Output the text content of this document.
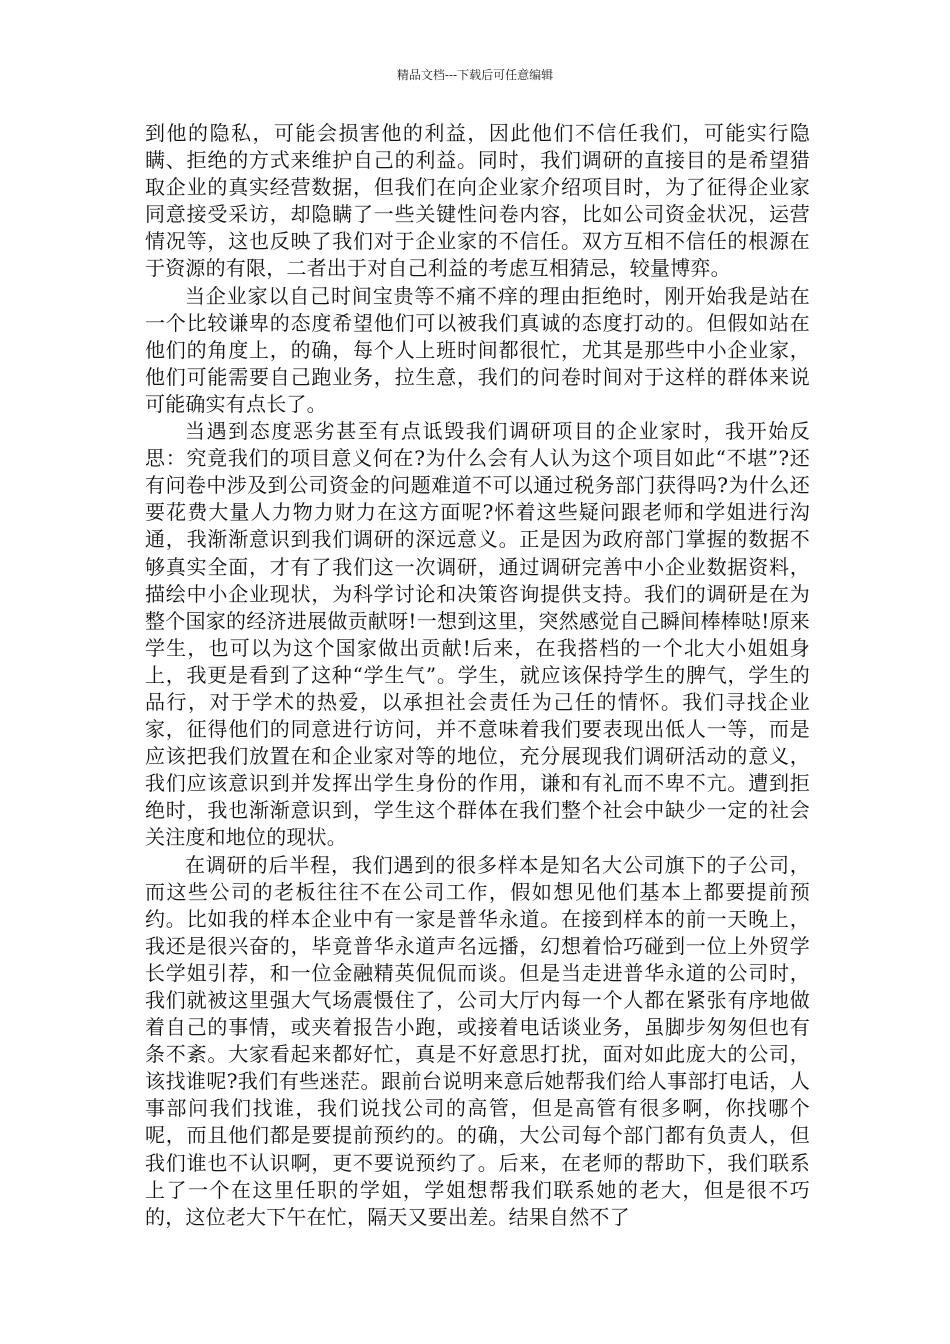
精品文档---下载后可任意编辑

到他的隐私，可能会损害他的利益，因此他们不信任我们，可能实行隐瞒、拒绝的方式来维护自己的利益。同时，我们调研的直接目的是希望猎取企业的真实经营数据，但我们在向企业家介绍项目时，为了征得企业家同意接受采访，却隐瞒了一些关键性问卷内容，比如公司资金状况，运营情况等，这也反映了我们对于企业家的不信任。双方互相不信任的根源在于资源的有限，二者出于对自己利益的考虑互相猜忌，较量博弈。

当企业家以自己时间宝贵等不痛不痒的理由拒绝时，刚开始我是站在一个比较谦卑的态度希望他们可以被我们真诚的态度打动的。但假如站在他们的角度上，的确，每个人上班时间都很忙，尤其是那些中小企业家，他们可能需要自己跑业务，拉生意，我们的问卷时间对于这样的群体来说可能确实有点长了。

当遇到态度恶劣甚至有点诋毁我们调研项目的企业家时，我开始反思：究竟我们的项目意义何在?为什么会有人认为这个项目如此“不堪”?还有问卷中涉及到公司资金的问题难道不可以通过税务部门获得吗?为什么还要花费大量人力物力财力在这方面呢?怀着这些疑问跟老师和学姐进行沟通，我渐渐意识到我们调研的深远意义。正是因为政府部门掌握的数据不够真实全面，才有了我们这一次调研，通过调研完善中小企业数据资料，描绘中小企业现状，为科学讨论和决策咨询提供支持。我们的调研是在为整个国家的经济进展做贡献呀!一想到这里，突然感觉自己瞬间棒棒哒!原来学生，也可以为这个国家做出贡献!后来，在我搭档的一个北大小姐姐身上，我更是看到了这种“学生气”。学生，就应该保持学生的脾气，学生的品行，对于学术的热爱，以承担社会责任为己任的情怀。我们寻找企业家，征得他们的同意进行访问，并不意味着我们要表现出低人一等，而是应该把我们放置在和企业家对等的地位，充分展现我们调研活动的意义，我们应该意识到并发挥出学生身份的作用，谦和有礼而不卑不亢。遭到拒绝时，我也渐渐意识到，学生这个群体在我们整个社会中缺少一定的社会关注度和地位的现状。

在调研的后半程，我们遇到的很多样本是知名大公司旗下的子公司，而这些公司的老板往往不在公司工作，假如想见他们基本上都要提前预约。比如我的样本企业中有一家是普华永道。在接到样本的前一天晚上，我还是很兴奋的，毕竟普华永道声名远播，幻想着恰巧碰到一位上外贸学长学姐引荐，和一位金融精英侃侃而谈。但是当走进普华永道的公司时，我们就被这里强大气场震慑住了，公司大厅内每一个人都在紧张有序地做着自己的事情，或夹着报告小跑，或接着电话谈业务，虽脚步匆匆但也有条不紊。大家看起来都好忙，真是不好意思打扰，面对如此庞大的公司，该找谁呢?我们有些迷茫。跟前台说明来意后她帮我们给人事部打电话，人事部问我们找谁，我们说找公司的高管，但是高管有很多啊，你找哪个呢，而且他们都是要提前预约的。的确，大公司每个部门都有负责人，但我们谁也不认识啊，更不要说预约了。后来，在老师的帮助下，我们联系上了一个在这里任职的学姐，学姐想帮我们联系她的老大，但是很不巧的，这位老大下午在忙，隔天又要出差。结果自然不了
